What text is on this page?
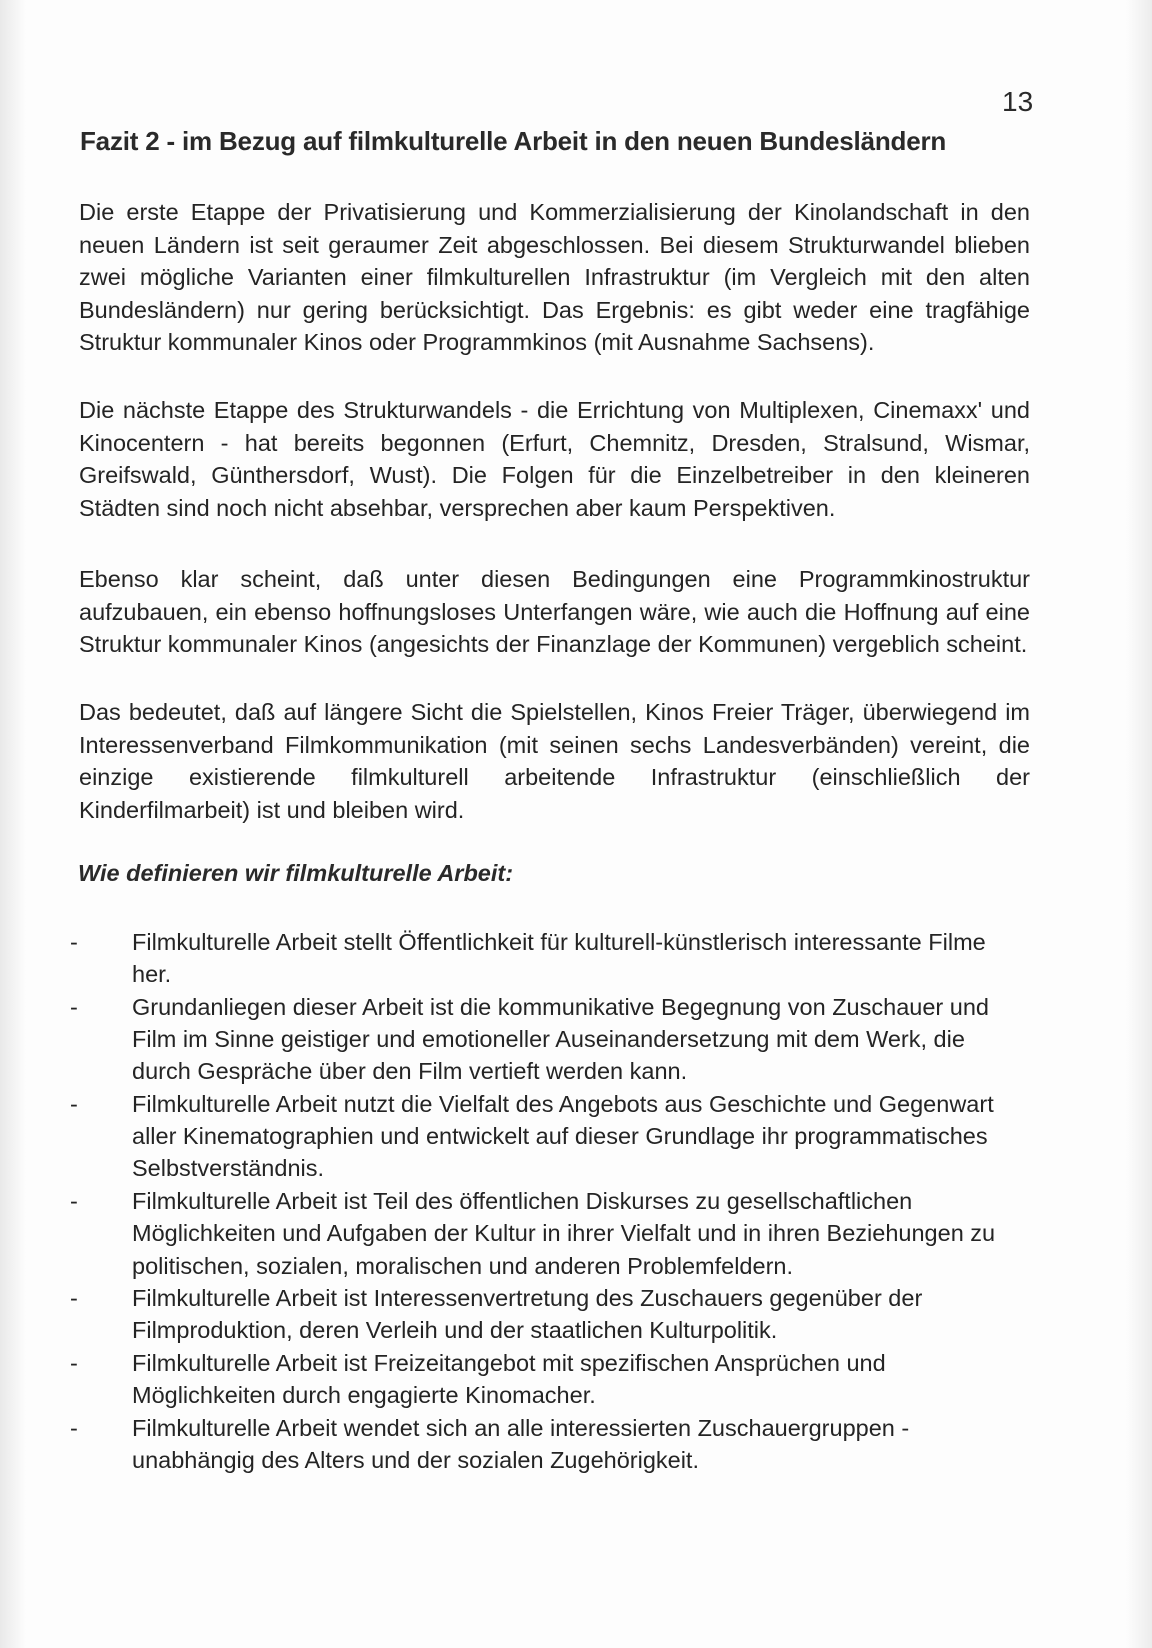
13
Fazit 2 - im Bezug auf filmkulturelle Arbeit in den neuen Bundesländern

Die erste Etappe der Privatisierung und Kommerzialisierung der Kinolandschaft in den neuen Ländern ist seit geraumer Zeit abgeschlossen. Bei diesem Strukturwandel blieben zwei mögliche Varianten einer filmkulturellen Infrastruktur (im Vergleich mit den alten Bundesländern) nur gering berücksichtigt. Das Ergebnis: es gibt weder eine tragfähige Struktur kommunaler Kinos oder Programmkinos (mit Ausnahme Sachsens).

Die nächste Etappe des Strukturwandels - die Errichtung von Multiplexen, Cinemaxx' und Kinocentern - hat bereits begonnen (Erfurt, Chemnitz, Dresden, Stralsund, Wismar, Greifswald, Günthersdorf, Wust). Die Folgen für die Einzelbetreiber in den kleineren Städten sind noch nicht absehbar, versprechen aber kaum Perspektiven.

Ebenso klar scheint, daß unter diesen Bedingungen eine Programmkinostruktur aufzubauen, ein ebenso hoffnungsloses Unterfangen wäre, wie auch die Hoffnung auf eine Struktur kommunaler Kinos (angesichts der Finanzlage der Kommunen) vergeblich scheint.

Das bedeutet, daß auf längere Sicht die Spielstellen, Kinos Freier Träger, überwiegend im Interessenverband Filmkommunikation (mit seinen sechs Landesverbänden) vereint, die einzige existierende filmkulturell arbeitende Infrastruktur (einschließlich der Kinderfilmarbeit) ist und bleiben wird.

Wie definieren wir filmkulturelle Arbeit:
- Filmkulturelle Arbeit stellt Öffentlichkeit für kulturell-künstlerisch interessante Filme her.
- Grundanliegen dieser Arbeit ist die kommunikative Begegnung von Zuschauer und Film im Sinne geistiger und emotioneller Auseinandersetzung mit dem Werk, die durch Gespräche über den Film vertieft werden kann.
- Filmkulturelle Arbeit nutzt die Vielfalt des Angebots aus Geschichte und Gegenwart aller Kinematographien und entwickelt auf dieser Grundlage ihr programmatisches Selbstverständnis.
- Filmkulturelle Arbeit ist Teil des öffentlichen Diskurses zu gesellschaftlichen Möglichkeiten und Aufgaben der Kultur in ihrer Vielfalt und in ihren Beziehungen zu politischen, sozialen, moralischen und anderen Problemfeldern.
- Filmkulturelle Arbeit ist Interessenvertretung des Zuschauers gegenüber der Filmproduktion, deren Verleih und der staatlichen Kulturpolitik.
- Filmkulturelle Arbeit ist Freizeitangebot mit spezifischen Ansprüchen und Möglichkeiten durch engagierte Kinomacher.
- Filmkulturelle Arbeit wendet sich an alle interessierten Zuschauergruppen - unabhängig des Alters und der sozialen Zugehörigkeit.
